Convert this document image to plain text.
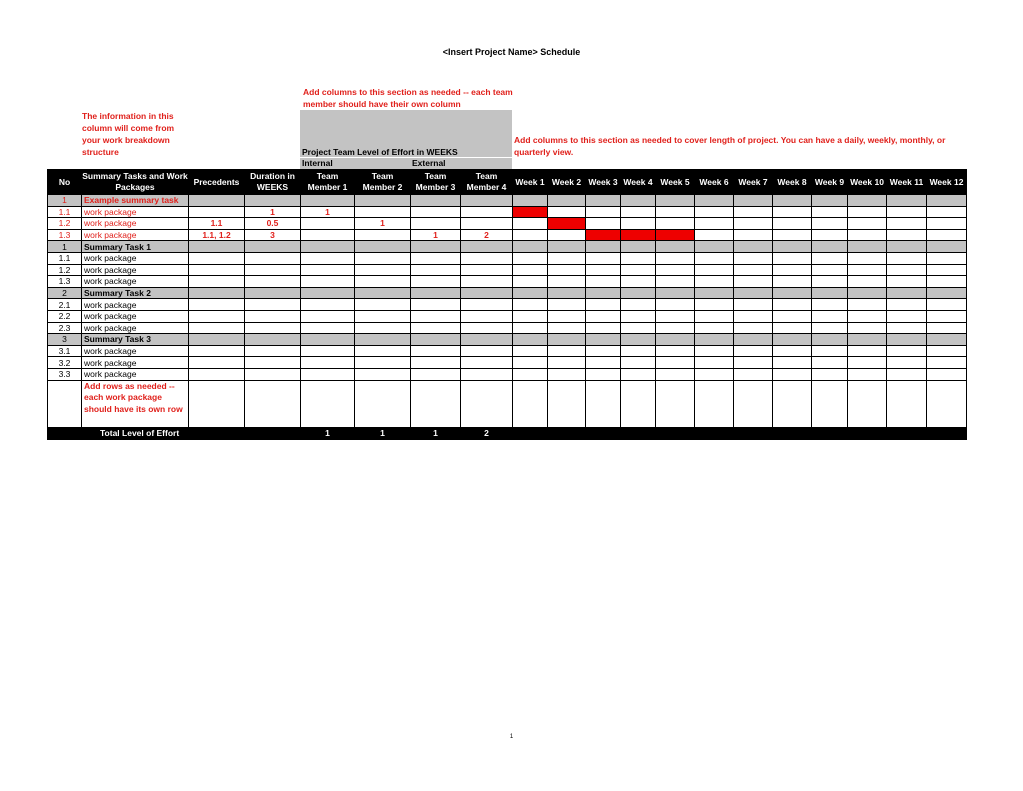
<Insert Project Name> Schedule
Add columns to this section as needed -- each team member should have their own column
The information in this column will come from your work breakdown structure
Add columns to this section as needed to cover length of project. You can have a daily, weekly, monthly, or quarterly view.
Project Team Level of Effort in WEEKS
Internal	External
No	Summary Tasks and Work Packages	Precedents	Duration in WEEKS	Team Member 1	Team Member 2	Team Member 3	Team Member 4	Week 1	Week 2	Week 3	Week 4	Week 5	Week 6	Week 7	Week 8	Week 9	Week 10	Week 11	Week 12
1	Example summary task																		
1.1	work package		1	1															
1.2	work package	1.1	0.5		1														
1.3	work package	1.1, 1.2	3			1	2												
1	Summary Task 1																		
1.1	work package																		
1.2	work package																		
1.3	work package																		
2	Summary Task 2																		
2.1	work package																		
2.2	work package																		
2.3	work package																		
3	Summary Task 3																		
3.1	work package																		
3.2	work package																		
3.3	work package																		
	Add rows as needed -- each work package should have its own row																		
	Total Level of Effort			1	1	1	2												
1
